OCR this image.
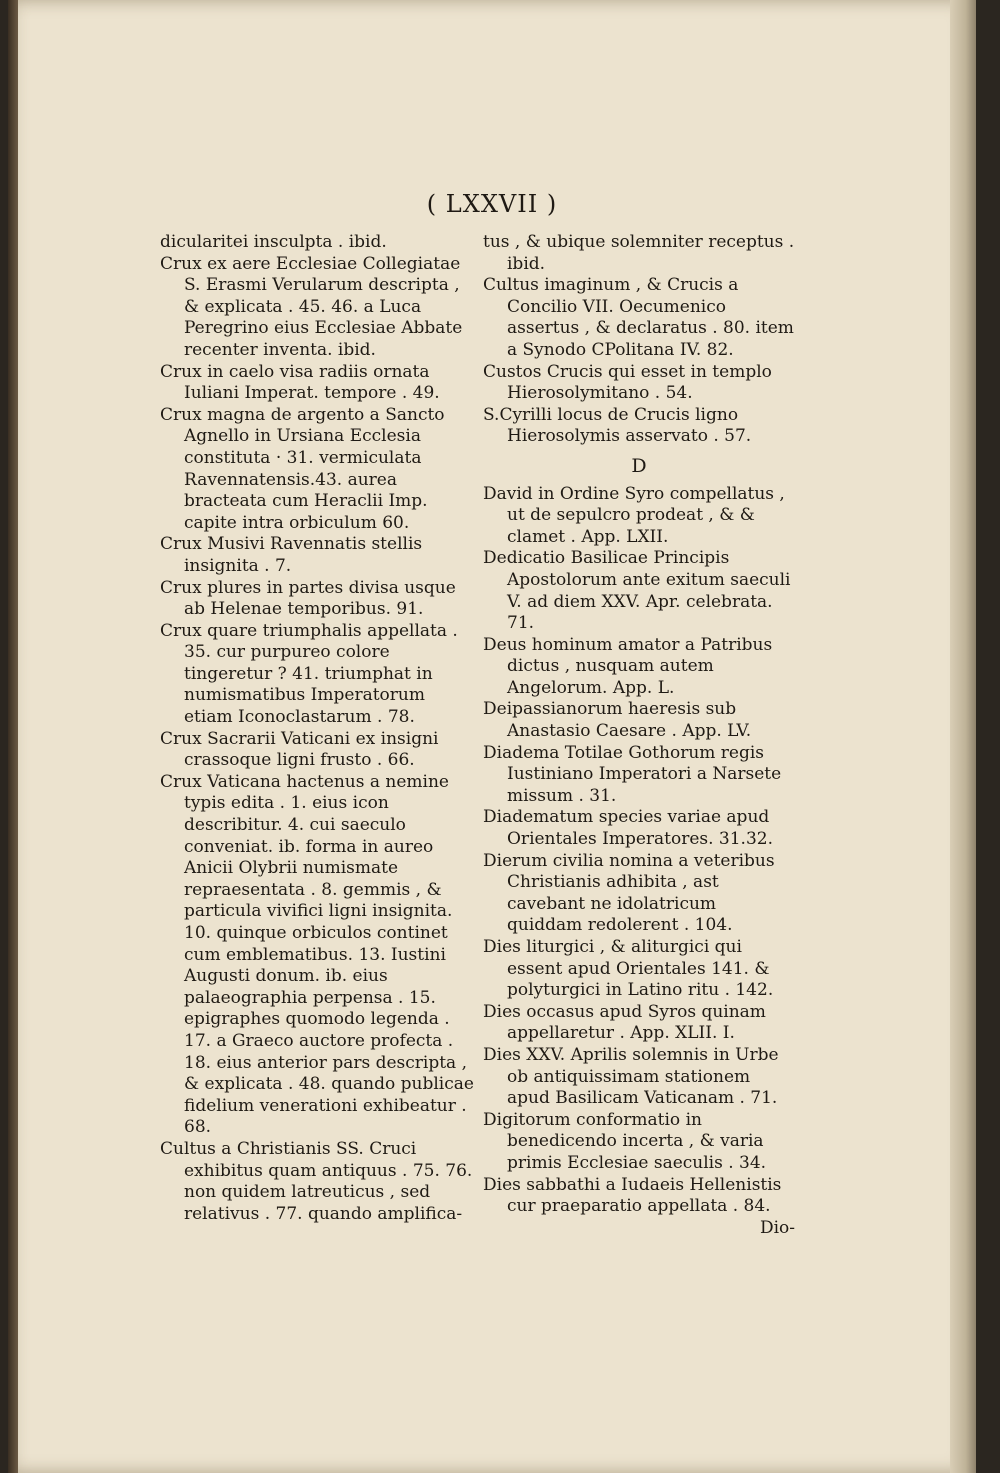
( LXXVII )
dicularitei insculpta . ibid.
Crux ex aere Ecclesiae Collegiatae S. Erasmi Verularum descripta , & explicata . 45. 46. a Luca Peregrino eius Ecclesiae Abbate recenter inventa. ibid.
Crux in caelo visa radiis ornata Iuliani Imperat. tempore . 49.
Crux magna de argento a Sancto Agnello in Ursiana Ecclesia constituta · 31. vermiculata Ravennatensis.43. aurea bracteata cum Heraclii Imp. capite intra orbiculum 60.
Crux Musivi Ravennatis stellis insignita . 7.
Crux plures in partes divisa usque ab Helenae temporibus. 91.
Crux quare triumphalis appellata . 35. cur purpureo colore tingeretur ? 41. triumphat in numismatibus Imperatorum etiam Iconoclastarum . 78.
Crux Sacrarii Vaticani ex insigni crassoque ligni frusto . 66.
Crux Vaticana hactenus a nemine typis edita . 1. eius icon describitur. 4. cui saeculo conveniat. ib. forma in aureo Anicii Olybrii numismate repraesentata . 8. gemmis , & particula vivifici ligni insignita. 10. quinque orbiculos continet cum emblematibus. 13. Iustini Augusti donum. ib. eius palaeographia perpensa . 15. epigraphes quomodo legenda . 17. a Graeco auctore profecta . 18. eius anterior pars descripta , & explicata . 48. quando publicae fidelium venerationi exhibeatur . 68.
Cultus a Christianis SS. Cruci exhibitus quam antiquus . 75. 76. non quidem latreuticus , sed relativus . 77. quando amplifica-
tus , & ubique solemniter receptus . ibid.
Cultus imaginum , & Crucis a Concilio VII. Oecumenico assertus , & declaratus . 80. item a Synodo CPolitana IV. 82.
Custos Crucis qui esset in templo Hierosolymitano . 54.
S.Cyrilli locus de Crucis ligno Hierosolymis asservato . 57.
D
David in Ordine Syro compellatus , ut de sepulcro prodeat , & & clamet . App. LXII.
Dedicatio Basilicae Principis Apostolorum ante exitum saeculi V. ad diem XXV. Apr. celebrata. 71.
Deus hominum amator a Patribus dictus , nusquam autem Angelorum. App. L.
Deipassianorum haeresis sub Anastasio Caesare . App. LV.
Diadema Totilae Gothorum regis Iustiniano Imperatori a Narsete missum . 31.
Diadematum species variae apud Orientales Imperatores. 31.32.
Dierum civilia nomina a veteribus Christianis adhibita , ast cavebant ne idolatricum quiddam redolerent . 104.
Dies liturgici , & aliturgici qui essent apud Orientales 141. & polyturgici in Latino ritu . 142.
Dies occasus apud Syros quinam appellaretur . App. XLII. I.
Dies XXV. Aprilis solemnis in Urbe ob antiquissimam stationem apud Basilicam Vaticanam . 71.
Digitorum conformatio in benedicendo incerta , & varia primis Ecclesiae saeculis . 34.
Dies sabbathi a Iudaeis Hellenistis cur praeparatio appellata . 84.
Dio-
